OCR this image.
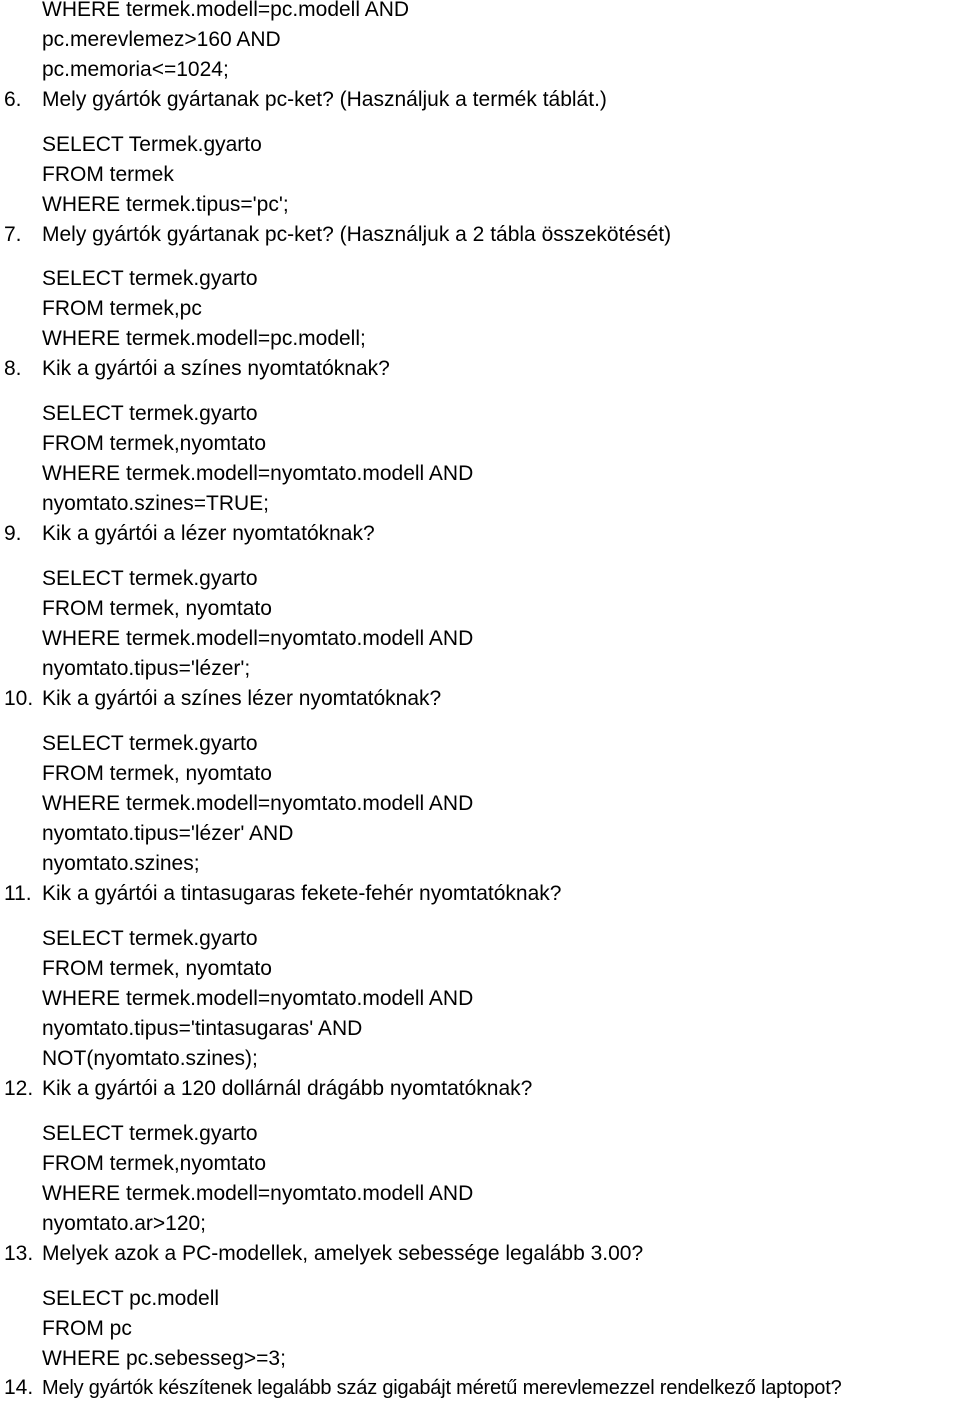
WHERE termek.modell=pc.modell AND
pc.merevlemez>160 AND
pc.memoria<=1024;
6. Mely gyártók gyártanak pc-ket? (Használjuk a termék táblát.)
SELECT Termek.gyarto
FROM termek
WHERE termek.tipus='pc';
7. Mely gyártók gyártanak pc-ket? (Használjuk a 2 tábla összekötését)
SELECT termek.gyarto
FROM termek,pc
WHERE termek.modell=pc.modell;
8. Kik a gyártói a színes nyomtatóknak?
SELECT termek.gyarto
FROM termek,nyomtato
WHERE termek.modell=nyomtato.modell AND
nyomtato.szines=TRUE;
9. Kik a gyártói a lézer nyomtatóknak?
SELECT termek.gyarto
FROM termek, nyomtato
WHERE termek.modell=nyomtato.modell AND
nyomtato.tipus='lézer';
10. Kik a gyártói a színes lézer nyomtatóknak?
SELECT termek.gyarto
FROM termek, nyomtato
WHERE termek.modell=nyomtato.modell AND
nyomtato.tipus='lézer' AND
nyomtato.szines;
11. Kik a gyártói a tintasugaras fekete-fehér nyomtatóknak?
SELECT termek.gyarto
FROM termek, nyomtato
WHERE termek.modell=nyomtato.modell AND
nyomtato.tipus='tintasugaras' AND
NOT(nyomtato.szines);
12. Kik a gyártói a 120 dollárnál drágább nyomtatóknak?
SELECT termek.gyarto
FROM termek,nyomtato
WHERE termek.modell=nyomtato.modell AND
nyomtato.ar>120;
13. Melyek azok a PC-modellek, amelyek sebessége legalább 3.00?
SELECT pc.modell
FROM pc
WHERE pc.sebesseg>=3;
14. Mely gyártók készítenek legalább száz gigabájt méretű merevlemezzel rendelkező laptopot?
